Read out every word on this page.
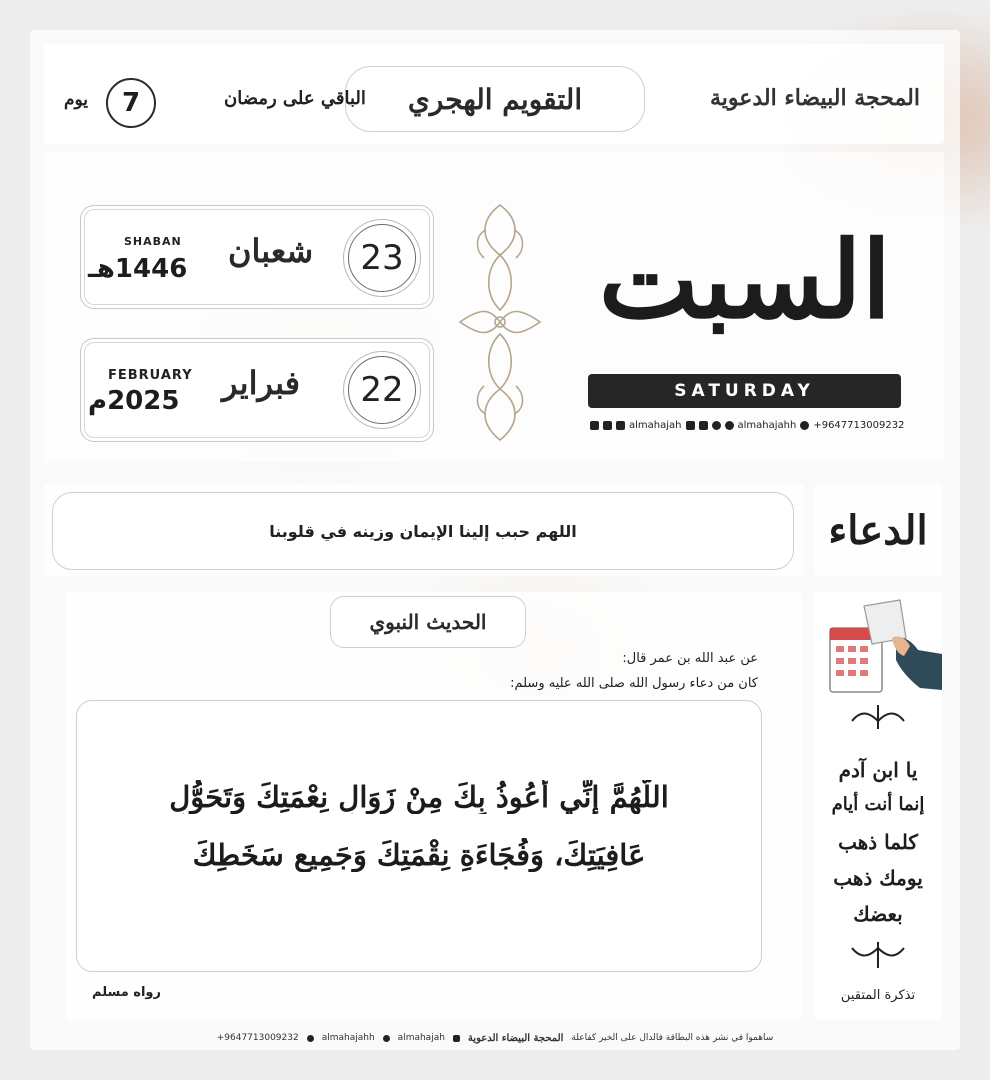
المحجة البيضاء الدعوية
التقويم الهجري
الباقي على رمضان
7
يوم
السبت
SATURDAY
almahajah	almahajahh +9647713009232
23
شعبان
SHABAN
1446هـ
22
فبراير
FEBRUARY
2025م
الدعاء
اللهم حبب إلينا الإيمان وزينه في قلوبنا
الحديث النبوي
عن عبد الله بن عمر قال:
كان من دعاء رسول الله صلى الله عليه وسلم:
اللَّهُمَّ إِنِّي أَعُوذُ بِكَ مِنْ زَوَالِ نِعْمَتِكَ وَتَحَوُّلِ
عَافِيَتِكَ، وَفُجَاءَةِ نِقْمَتِكَ وَجَمِيعِ سَخَطِكَ
رواه مسلم
يا ابن آدم
إنما أنت أيام
كلما ذهب
يومك ذهب
بعضك
تذكرة المتقين
+9647713009232	almahajahh	almahajah المحجة البيضاء الدعوية ساهموا في نشر هذه البطاقة فالدال على الخير كفاعلة
